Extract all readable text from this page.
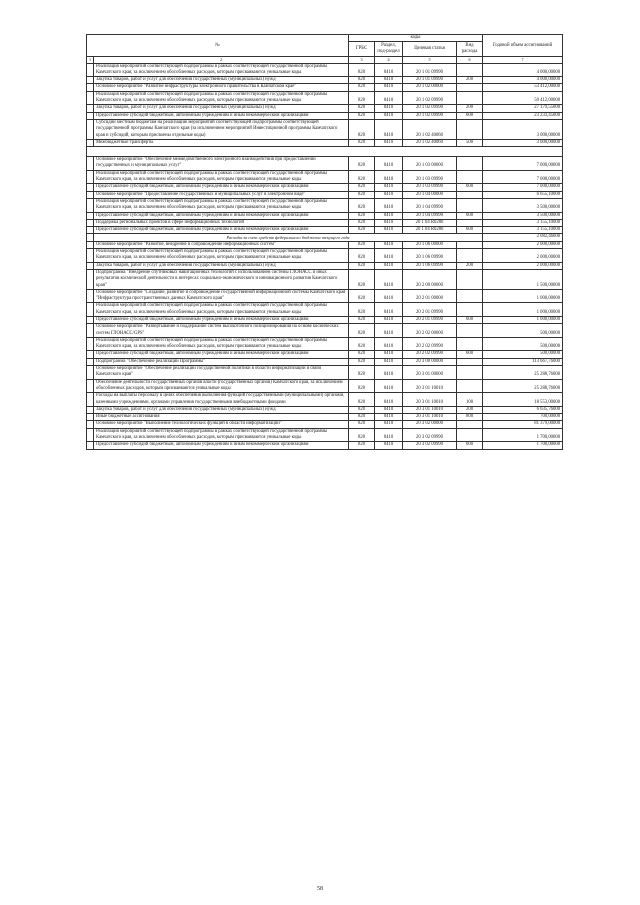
№		коды				Годовой объем ассигнований
		ГРБС	Раздел, под-раздел	Целевая статья	Вид расхода	
1	2	3	4	5	6	7
	Реализация мероприятий соответствующей подпрограммы в рамках соответствующей государственной программы Камчатского края, за исключением обособленных расходов, которым присваиваются уникальные коды	820	0410	20 1 01 09990		4 000,00000
	Закупка товаров, работ и услуг для обеспечения государственных (муниципальных) нужд	820	0410	20 1 01 09990	200	4 000,00000
	Основное мероприятие "Развитие инфраструктуры электронного правительства в Камчатском крае"	820	0410	20 1 02 00000		53 412,00000
	Реализация мероприятий соответствующей подпрограммы в рамках соответствующей государственной программы Камчатского края, за исключением обособленных расходов, которым присваиваются уникальные коды	820	0410	20 1 02 09990		50 412,00000
	Закупка товаров, работ и услуг для обеспечения государственных (муниципальных) нужд	820	0410	20 1 02 09990	200	27 179,55000
	Предоставление субсидий бюджетным, автономным учреждениям и иным некоммерческим организациям	820	0410	20 1 02 09990	600	23 233,45000
	Субсидии местным бюджетам на реализацию мероприятий соответствующей подпрограммы соответствующей государственной программы Камчатского края (за исключением мероприятий Инвестиционной программы Камчатского края и субсидий, которым присвоены отдельные коды)	820	0410	20 1 02 40060		3 000,00000
	Межбюджетные трансферты	820	0410	20 1 02 40060	500	3 000,00000

	Основное мероприятие "Обеспечение межведомственного электронного взаимодействия при предоставлении государственных и муниципальных услуг"	820	0410	20 1 03 00000		7 000,00000
	Реализация мероприятий соответствующей подпрограммы в рамках соответствующей государственной программы Камчатского края, за исключением обособленных расходов, которым присваиваются уникальные коды	820	0410	20 1 03 09990		7 000,00000
	Предоставление субсидий бюджетным, автономным учреждениям и иным некоммерческим организациям	820	0410	20 1 03 09990	600	7 000,00000
	Основное мероприятие "Предоставление государственных и муниципальных услуг в электронном виде"	820	0410	20 1 04 00000		6 655,10000
	Реализация мероприятий соответствующей подпрограммы в рамках соответствующей государственной программы Камчатского края, за исключением обособленных расходов, которым присваиваются уникальные коды	820	0410	20 1 04 09990		3 500,00000
	Предоставление субсидий бюджетным, автономным учреждениям и иным некоммерческим организациям	820	0410	20 1 04 09990	600	3 500,00000
	Поддержка региональных проектов в сфере информационных технологий	820	0410	20 1 04 R0280		3 155,10000
	Предоставление субсидий бюджетным, автономным учреждениям и иным некоммерческим организациям	820	0410	20 1 04 R0280	600	3 155,10000
	Расходы за счет средств федерального бюджета текущего года					2 082,46600
	Основное мероприятие "Развитие, внедрение и сопровождение информационных систем"	820	0410	20 1 06 00000		2 000,00000
	Реализация мероприятий соответствующей подпрограммы в рамках соответствующей государственной программы Камчатского края, за исключением обособленных расходов, которым присваиваются уникальные коды	820	0410	20 1 06 09990		2 000,00000
	Закупка товаров, работ и услуг для обеспечения государственных (муниципальных) нужд	820	0410	20 1 06 09990	200	2 000,00000
	Подпрограмма "Внедрение спутниковых навигационных технологий с использованием системы ГЛОНАСС и иных результатов космической деятельности в интересах социально-экономического и инновационного развития Камчатского края"	820	0410	20 2 00 00000		1 500,00000
	Основное мероприятие "Создание, развитие и сопровождение государственной информационной системы Камчатского края "Инфраструктура пространственных данных Камчатского края"	820	0410	20 2 01 00000		1 000,00000
	Реализация мероприятий соответствующей подпрограммы в рамках соответствующей государственной программы Камчатского края, за исключением обособленных расходов, которым присваиваются уникальные коды	820	0410	20 2 01 09990		1 000,00000
	Предоставление субсидий бюджетным, автономным учреждениям и иным некоммерческим организациям	820	0410	20 2 01 09990	600	1 000,00000
	Основное мероприятие "Развертывание и поддержание систем высокоточного позиционирования на основе космических систем ГЛОНАСС/GPS"	820	0410	20 2 02 00000		500,00000
	Реализация мероприятий соответствующей подпрограммы в рамках соответствующей государственной программы Камчатского края, за исключением обособленных расходов, которым присваиваются уникальные коды	820	0410	20 2 02 09990		500,00000
	Предоставление субсидий бюджетным, автономным учреждениям и иным некоммерческим организациям	820	0410	20 2 02 09990	600	500,00000
	Подпрограмма "Обеспечение реализации Программы"	820	0410	20 3 00 00000		113 667,76000
	Основное мероприятие "Обеспечение реализации государственной политики в области информатизации и связи Камчатского края"	820	0410	20 3 01 00000		25 288,76000
	Обеспечение деятельности государственных органов власти (государственных органов) Камчатского края, за исключением обособленных расходов, которым присваиваются уникальные коды	820	0410	20 3 01 10010		25 288,76000
	Расходы на выплаты персоналу в целях обеспечения выполнения функций государственными (муниципальными) органами, казенными учреждениями, органами управления государственными внебюджетными фондами	820	0410	20 3 01 10010	100	18 553,00000
	Закупка товаров, работ и услуг для обеспечения государственных (муниципальных) нужд	820	0410	20 3 01 10010	200	6 035,76000
	Иные бюджетные ассигнования	820	0410	20 3 01 10010	800	700,00000
	Основное мероприятие "Выполнение технологических функций в области информатизации"	820	0410	20 3 02 00000		81 379,00000
	Реализация мероприятий соответствующей подпрограммы в рамках соответствующей государственной программы Камчатского края, за исключением обособленных расходов, которым присваиваются уникальные коды	820	0410	20 3 02 09990		1 700,00000
	Предоставление субсидий бюджетным, автономным учреждениям и иным некоммерческим организациям	820	0410	20 3 02 09990	600	1 700,00000
58
